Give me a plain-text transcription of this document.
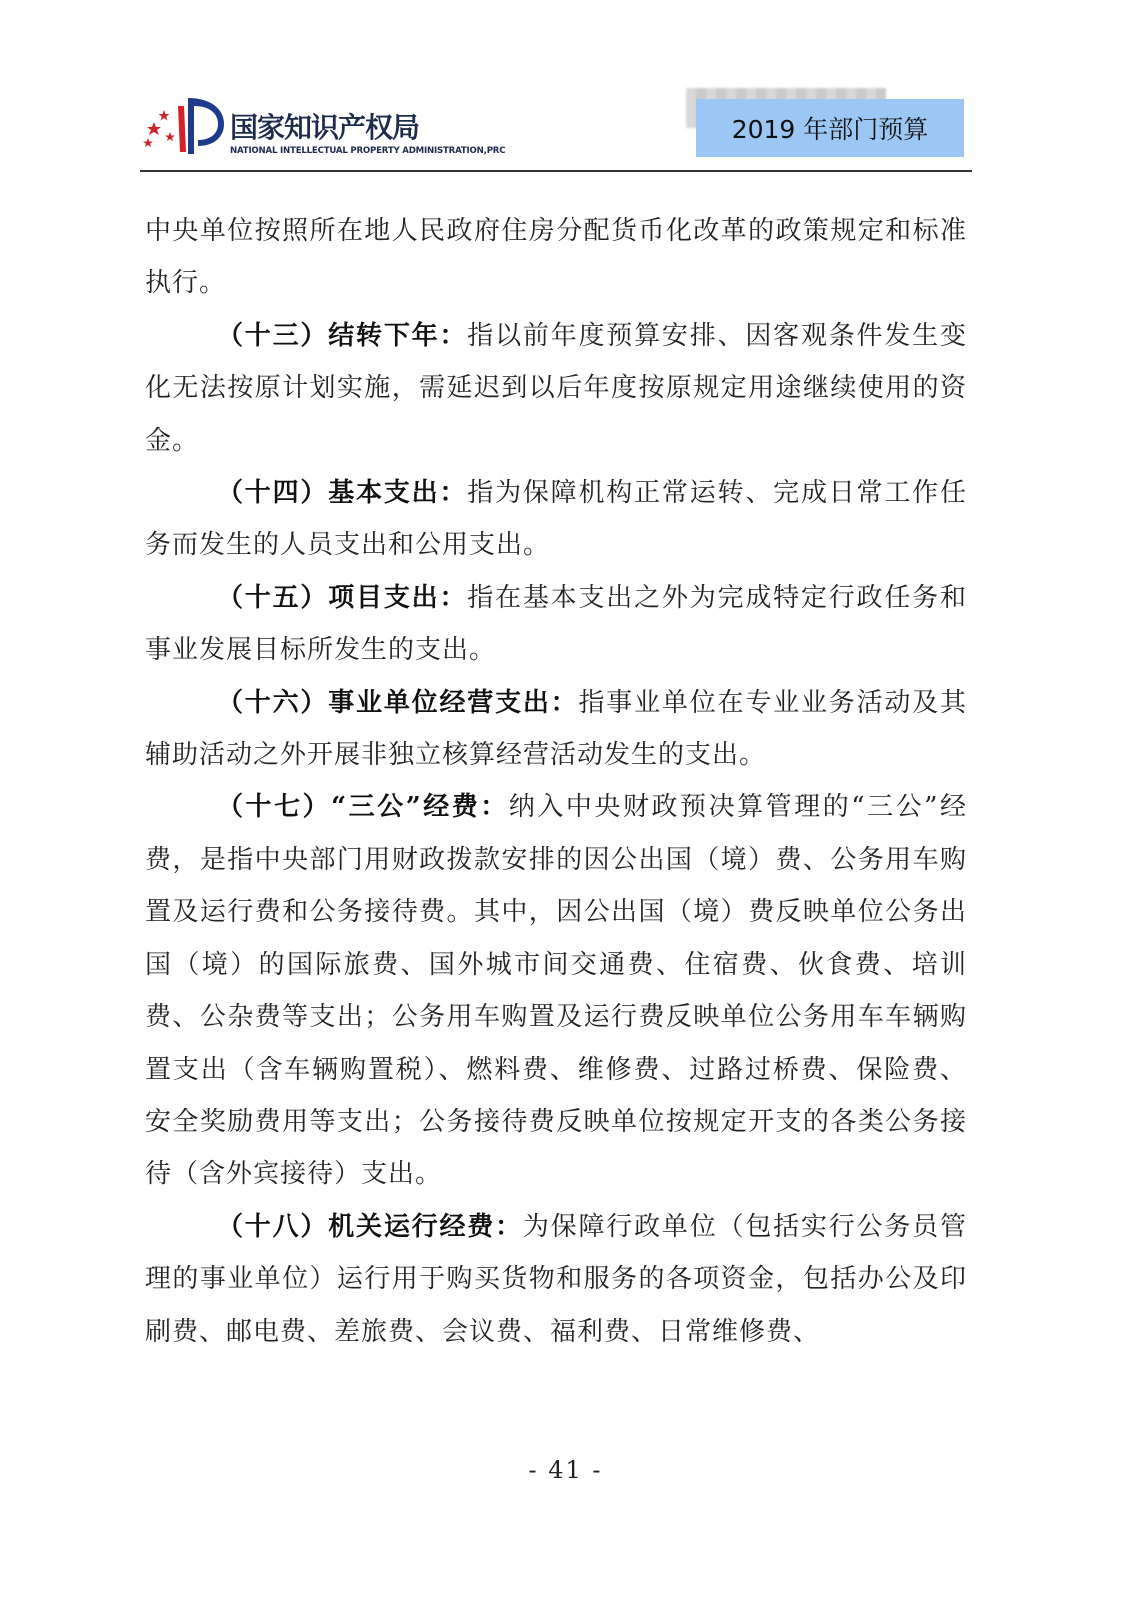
国家知识产权局
NATIONAL INTELLECTUAL PROPERTY ADMINISTRATION,PRC
2019 年部门预算

中央单位按照所在地人民政府住房分配货币化改革的政策规定和标准执行。

（十三）结转下年：指以前年度预算安排、因客观条件发生变化无法按原计划实施，需延迟到以后年度按原规定用途继续使用的资金。

（十四）基本支出：指为保障机构正常运转、完成日常工作任务而发生的人员支出和公用支出。

（十五）项目支出：指在基本支出之外为完成特定行政任务和事业发展目标所发生的支出。

（十六）事业单位经营支出：指事业单位在专业业务活动及其辅助活动之外开展非独立核算经营活动发生的支出。

（十七）“三公”经费：纳入中央财政预决算管理的“三公”经费，是指中央部门用财政拨款安排的因公出国（境）费、公务用车购置及运行费和公务接待费。其中，因公出国（境）费反映单位公务出国（境）的国际旅费、国外城市间交通费、住宿费、伙食费、培训费、公杂费等支出；公务用车购置及运行费反映单位公务用车车辆购置支出（含车辆购置税）、燃料费、维修费、过路过桥费、保险费、安全奖励费用等支出；公务接待费反映单位按规定开支的各类公务接待（含外宾接待）支出。

（十八）机关运行经费：为保障行政单位（包括实行公务员管理的事业单位）运行用于购买货物和服务的各项资金，包括办公及印刷费、邮电费、差旅费、会议费、福利费、日常维修费、

- 41 -
